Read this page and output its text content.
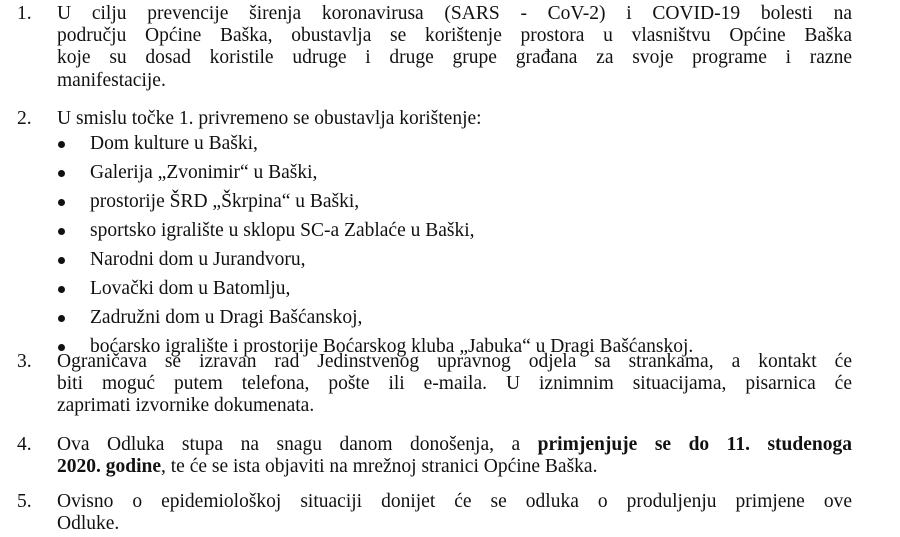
1. U cilju prevencije širenja koronavirusa (SARS - CoV-2) i COVID-19 bolesti na
području Općine Baška, obustavlja se korištenje prostora u vlasništvu Općine Baška
koje su dosad koristile udruge i druge grupe građana za svoje programe i razne
manifestacije.
2. U smislu točke 1. privremeno se obustavlja korištenje:
Dom kulture u Baški,
Galerija „Zvonimir“ u Baški,
prostorije ŠRD „Škrpina“ u Baški,
sportsko igralište u sklopu SC-a Zablaće u Baški,
Narodni dom u Jurandvoru,
Lovački dom u Batomlju,
Zadružni dom u Dragi Bašćanskoj,
boćarsko igralište i prostorije Boćarskog kluba „Jabuka“ u Dragi Bašćanskoj.
3. Ograničava se izravan rad Jedinstvenog upravnog odjela sa strankama, a kontakt će
biti moguć putem telefona, pošte ili e-maila. U iznimnim situacijama, pisarnica će
zaprimati izvornike dokumenata.
4. Ova Odluka stupa na snagu danom donošenja, a primjenjuje se do 11. studenoga
2020. godine, te će se ista objaviti na mrežnoj stranici Općine Baška.
5. Ovisno o epidemiološkoj situaciji donijet će se odluka o produljenju primjene ove
Odluke.
